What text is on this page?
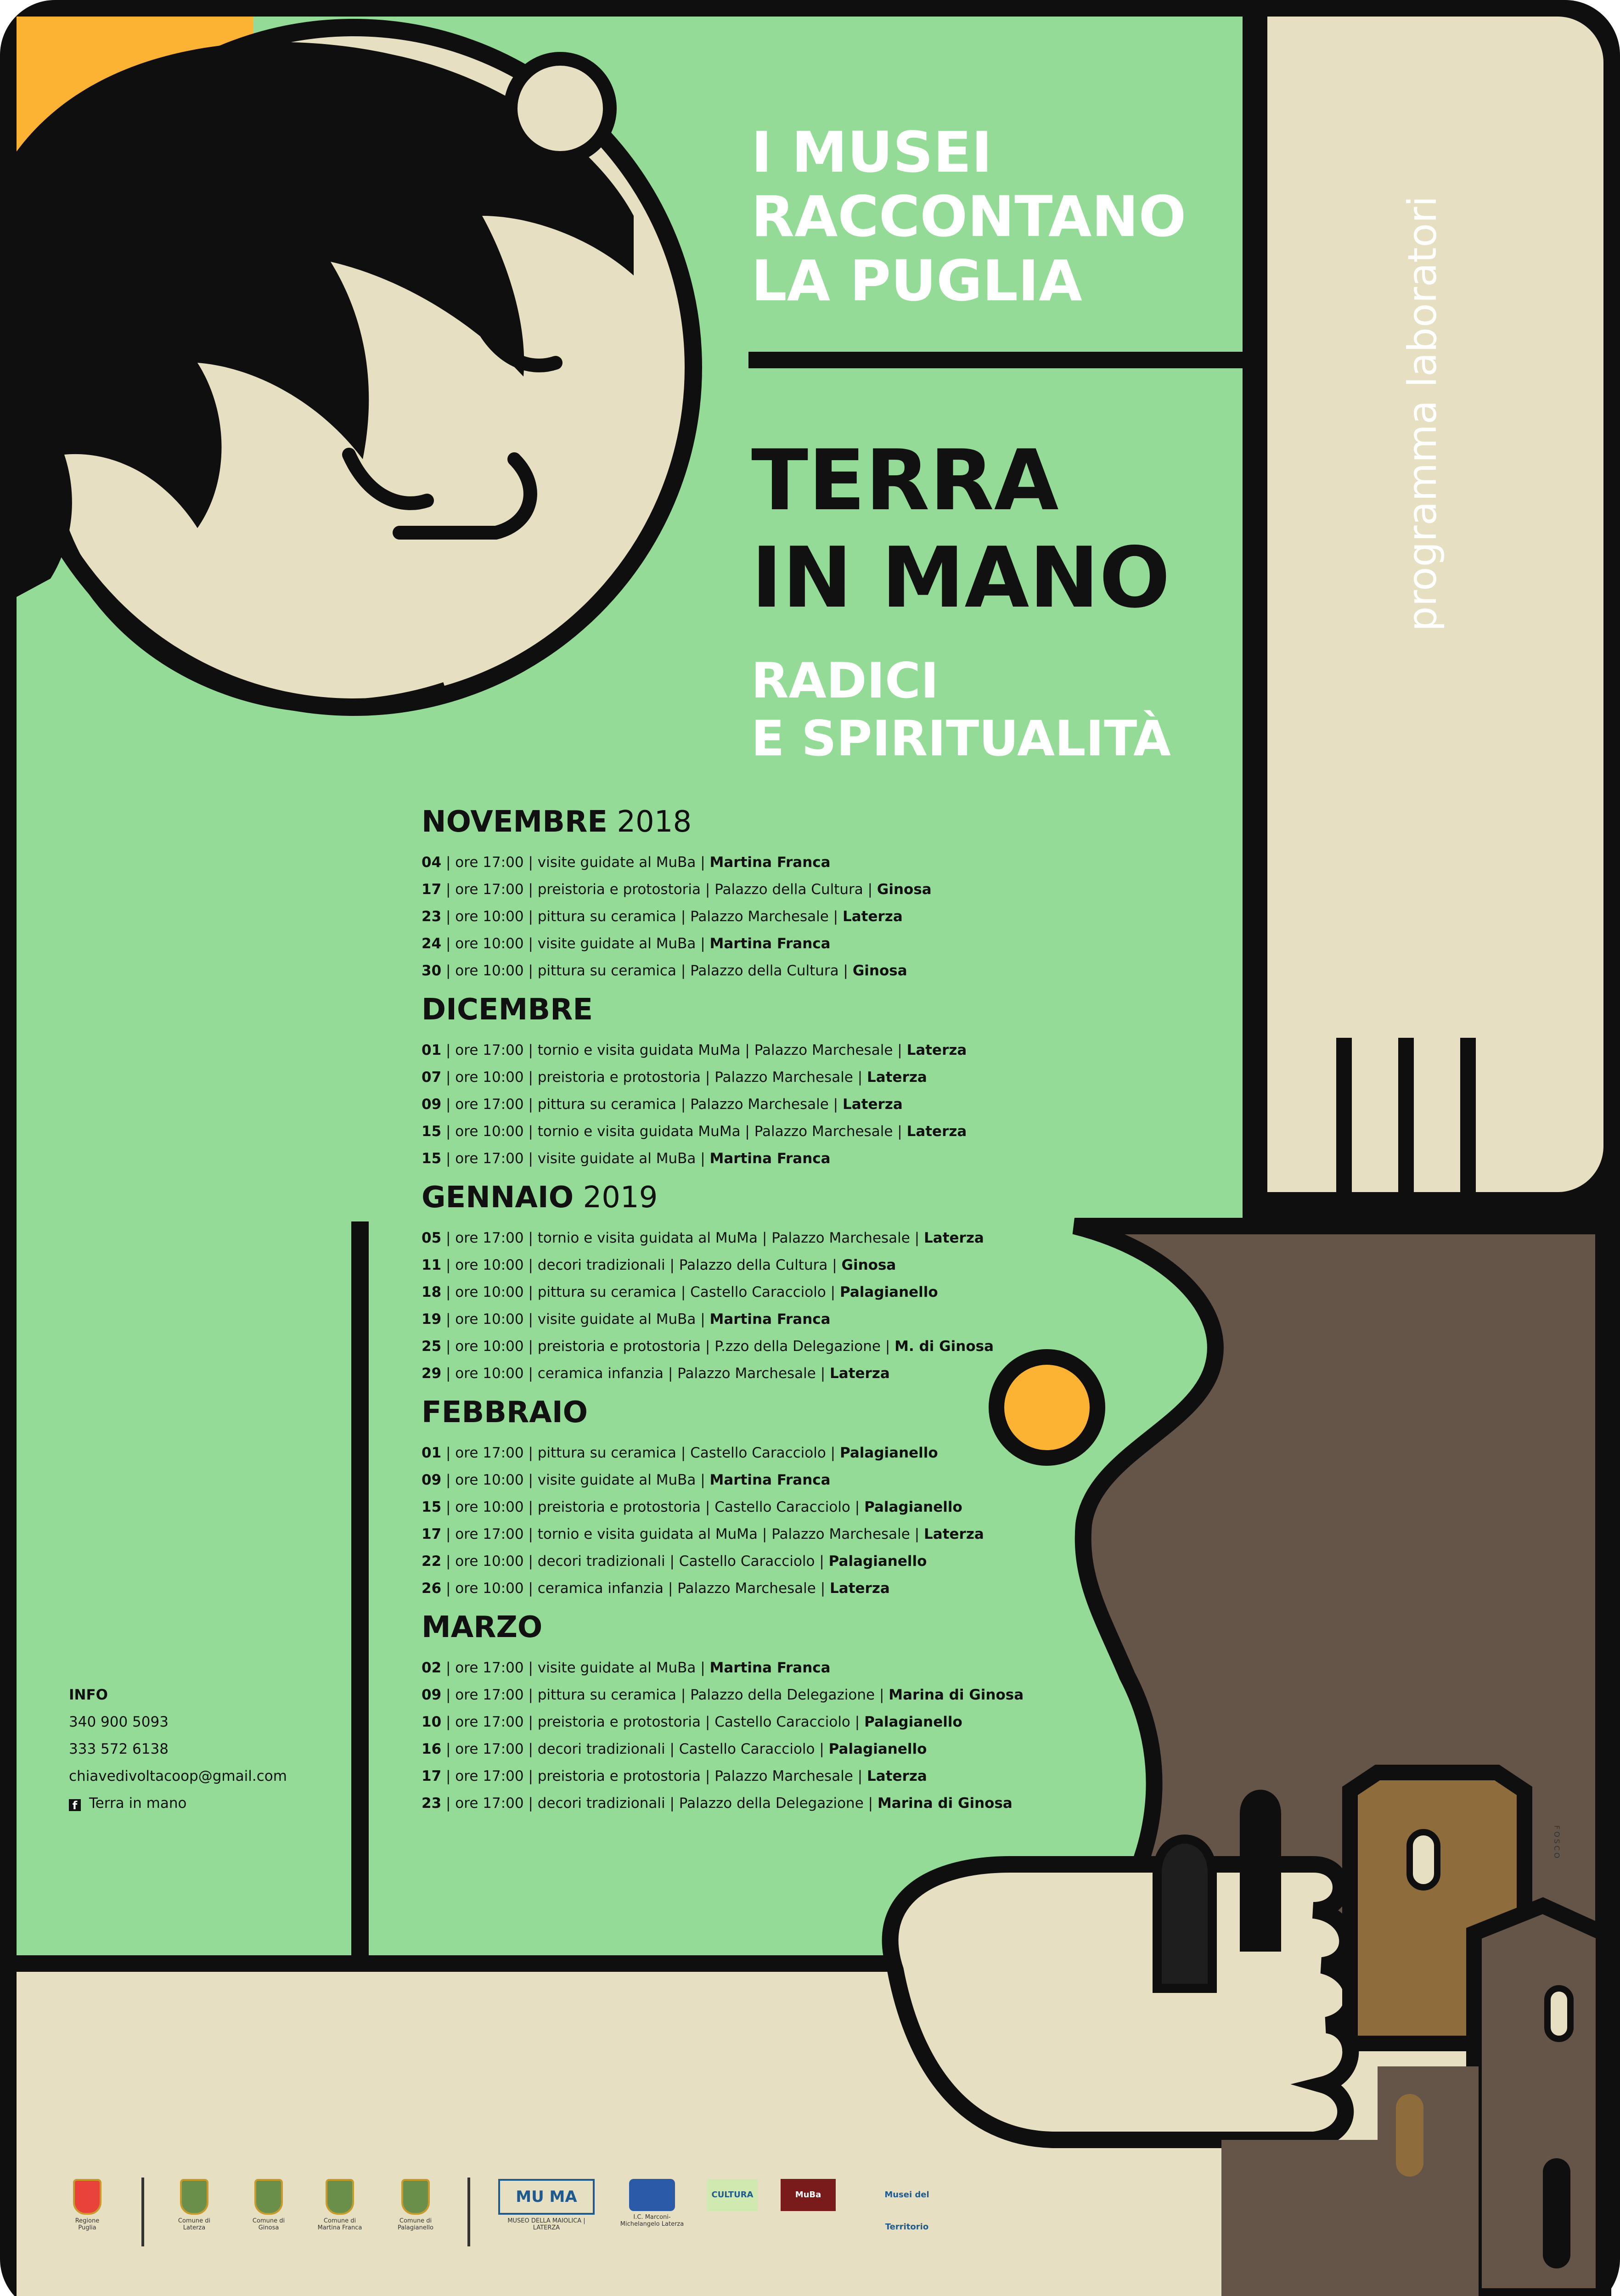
I MUSEI
RACCONTANO
LA PUGLIA	programma laboratori
TERRA
IN MANO
RADICI
E SPIRITUALITÀ
NOVEMBRE 2018
04 | ore 17:00 | visite guidate al MuBa | Martina Franca
17 | ore 17:00 | preistoria e protostoria | Palazzo della Cultura | Ginosa
23 | ore 10:00 | pittura su ceramica | Palazzo Marchesale | Laterza
24 | ore 10:00 | visite guidate al MuBa | Martina Franca
30 | ore 10:00 | pittura su ceramica | Palazzo della Cultura | Ginosa
DICEMBRE
01 | ore 17:00 | tornio e visita guidata MuMa | Palazzo Marchesale | Laterza
07 | ore 10:00 | preistoria e protostoria | Palazzo Marchesale | Laterza
09 | ore 17:00 | pittura su ceramica | Palazzo Marchesale | Laterza
15 | ore 10:00 | tornio e visita guidata MuMa | Palazzo Marchesale | Laterza
15 | ore 17:00 | visite guidate al MuBa | Martina Franca
GENNAIO 2019
05 | ore 17:00 | tornio e visita guidata al MuMa | Palazzo Marchesale | Laterza
11 | ore 10:00 | decori tradizionali | Palazzo della Cultura | Ginosa
18 | ore 10:00 | pittura su ceramica | Castello Caracciolo | Palagianello
19 | ore 10:00 | visite guidate al MuBa | Martina Franca
25 | ore 10:00 | preistoria e protostoria | P.zzo della Delegazione | M. di Ginosa
29 | ore 10:00 | ceramica infanzia | Palazzo Marchesale | Laterza
FEBBRAIO
01 | ore 17:00 | pittura su ceramica | Castello Caracciolo | Palagianello
09 | ore 10:00 | visite guidate al MuBa | Martina Franca
15 | ore 10:00 | preistoria e protostoria | Castello Caracciolo | Palagianello
17 | ore 17:00 | tornio e visita guidata al MuMa | Palazzo Marchesale | Laterza
22 | ore 10:00 | decori tradizionali | Castello Caracciolo | Palagianello
26 | ore 10:00 | ceramica infanzia | Palazzo Marchesale | Laterza
MARZO
02 | ore 17:00 | visite guidate al MuBa | Martina Franca
09 | ore 17:00 | pittura su ceramica | Palazzo della Delegazione | Marina di Ginosa
10 | ore 17:00 | preistoria e protostoria | Castello Caracciolo | Palagianello
16 | ore 17:00 | decori tradizionali | Castello Caracciolo | Palagianello
17 | ore 17:00 | preistoria e protostoria | Palazzo Marchesale | Laterza
23 | ore 17:00 | decori tradizionali | Palazzo della Delegazione | Marina di Ginosa
INFO
340 900 5093
333 572 6138
chiavedivoltacoop@gmail.com
f Terra in mano
FOSCO
Regione Puglia
Comune di Laterza
Comune di Ginosa
Comune di Martina Franca
Comune di Palagianello
MU MA
MUSEO DELLA MAIOLICA | LATERZA
I.C. Marconi-Michelangelo Laterza
CULTURA	MuBa	Musei del Territorio
